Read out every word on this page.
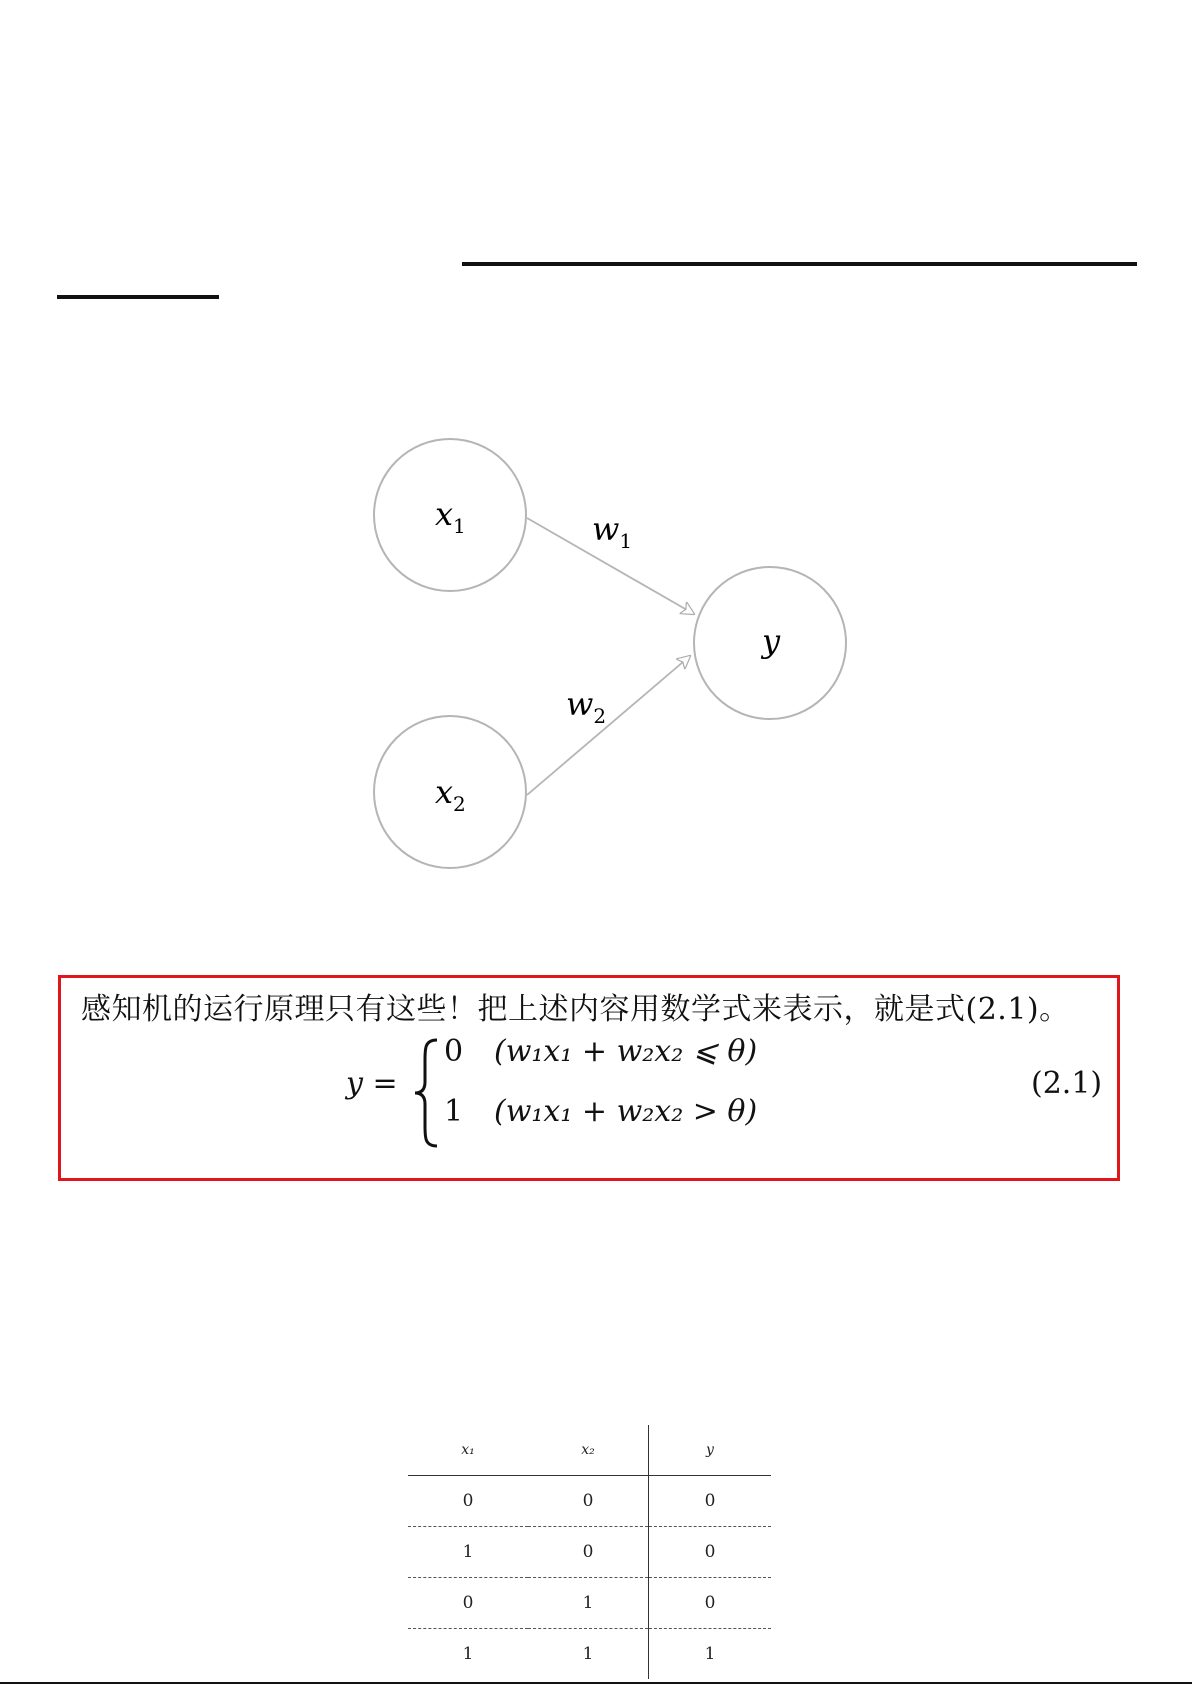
$x_1$
$x_2$
y
$w_1$
$w_2$
感知机的运行原理只有这些！把上述内容用数学式来表示，就是式(2.1)。
y =
0 (w₁x₁ + w₂x₂ ⩽ θ)
1 (w₁x₁ + w₂x₂ > θ)
(2.1)
x₁	x₂	y
0	0	0
1	0	0
0	1	0
1	1	1
